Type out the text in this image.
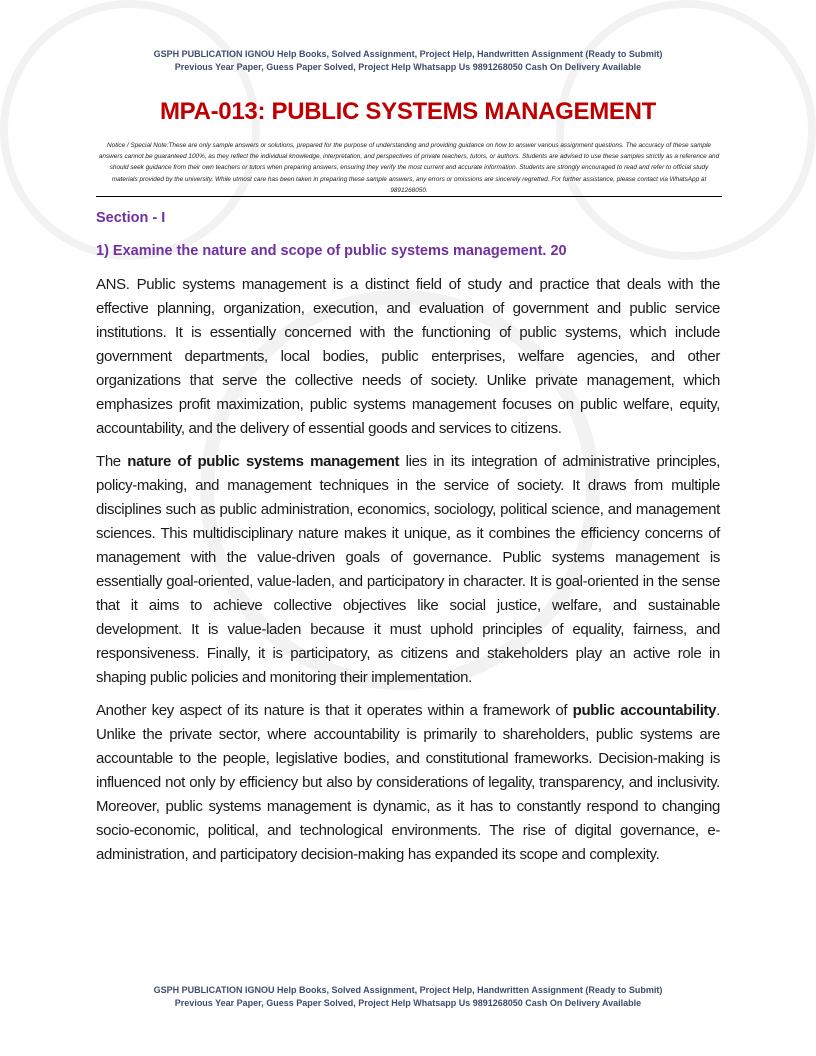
GSPH PUBLICATION IGNOU Help Books, Solved Assignment, Project Help, Handwritten Assignment (Ready to Submit)
Previous Year Paper, Guess Paper Solved, Project Help Whatsapp Us 9891268050 Cash On Delivery Available
MPA-013: PUBLIC SYSTEMS MANAGEMENT
Notice / Special Note:These are only sample answers or solutions, prepared for the purpose of understanding and providing guidance on how to answer various assignment questions. The accuracy of these sample answers cannot be guaranteed 100%, as they reflect the individual knowledge, interpretation, and perspectives of private teachers, tutors, or authors. Students are advised to use these samples strictly as a reference and should seek guidance from their own teachers or tutors when preparing answers, ensuring they verify the most current and accurate information. Students are strongly encouraged to read and refer to official study materials provided by the university. While utmost care has been taken in preparing these sample answers, any errors or omissions are sincerely regretted. For further assistance, please contact via WhatsApp at 9891268050.
Section - I
1) Examine the nature and scope of public systems management. 20

ANS. Public systems management is a distinct field of study and practice that deals with the effective planning, organization, execution, and evaluation of government and public service institutions. It is essentially concerned with the functioning of public systems, which include government departments, local bodies, public enterprises, welfare agencies, and other organizations that serve the collective needs of society. Unlike private management, which emphasizes profit maximization, public systems management focuses on public welfare, equity, accountability, and the delivery of essential goods and services to citizens.

The nature of public systems management lies in its integration of administrative principles, policy-making, and management techniques in the service of society. It draws from multiple disciplines such as public administration, economics, sociology, political science, and management sciences. This multidisciplinary nature makes it unique, as it combines the efficiency concerns of management with the value-driven goals of governance. Public systems management is essentially goal-oriented, value-laden, and participatory in character. It is goal-oriented in the sense that it aims to achieve collective objectives like social justice, welfare, and sustainable development. It is value-laden because it must uphold principles of equality, fairness, and responsiveness. Finally, it is participatory, as citizens and stakeholders play an active role in shaping public policies and monitoring their implementation.

Another key aspect of its nature is that it operates within a framework of public accountability. Unlike the private sector, where accountability is primarily to shareholders, public systems are accountable to the people, legislative bodies, and constitutional frameworks. Decision-making is influenced not only by efficiency but also by considerations of legality, transparency, and inclusivity. Moreover, public systems management is dynamic, as it has to constantly respond to changing socio-economic, political, and technological environments. The rise of digital governance, e-administration, and participatory decision-making has expanded its scope and complexity.

GSPH PUBLICATION IGNOU Help Books, Solved Assignment, Project Help, Handwritten Assignment (Ready to Submit)
Previous Year Paper, Guess Paper Solved, Project Help Whatsapp Us 9891268050 Cash On Delivery Available
